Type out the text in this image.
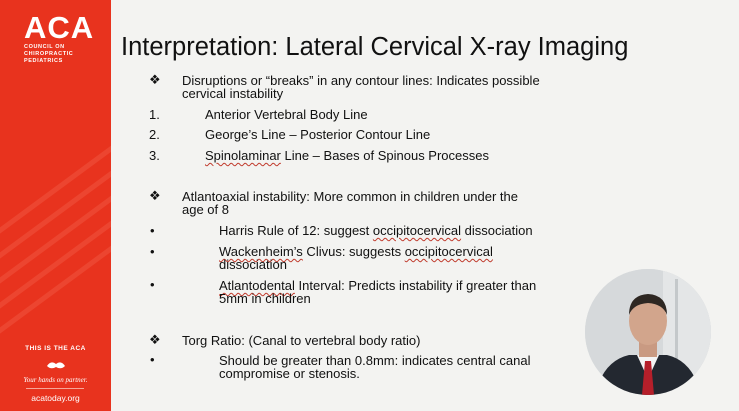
ACA
COUNCIL ON
CHIROPRACTIC
PEDIATRICS
THIS IS THE ACA
Your hands on partner.
acatoday.org
Interpretation: Lateral Cervical X-ray Imaging
❖ Disruptions or “breaks” in any contour lines: Indicates possible
cervical instability
1.	Anterior Vertebral Body Line
2.	George’s Line – Posterior Contour Line
3.	Spinolaminar Line – Bases of Spinous Processes
❖ Atlantoaxial instability: More common in children under the
age of 8
•	Harris Rule of 12: suggest occipitocervical dissociation
•	Wackenheim’s Clivus: suggests occipitocervical
dissociation
•	Atlantodental Interval: Predicts instability if greater than
5mm in children
❖ Torg Ratio: (Canal to vertebral body ratio)
•	Should be greater than 0.8mm: indicates central canal
compromise or stenosis.
